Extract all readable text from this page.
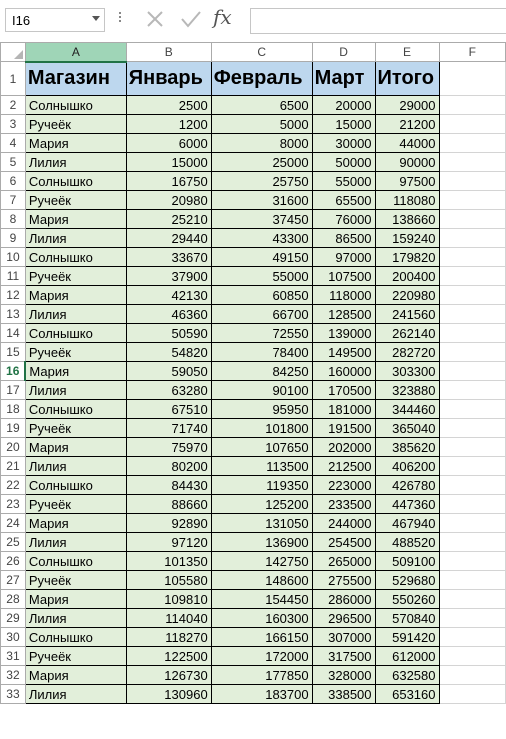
I16	fx
	A	B	C	D	E	F
1	Магазин	Январь	Февраль	Март	Итого	
2	Солнышко	2500	6500	20000	29000	
3	Ручеёк	1200	5000	15000	21200	
4	Мария	6000	8000	30000	44000	
5	Лилия	15000	25000	50000	90000	
6	Солнышко	16750	25750	55000	97500	
7	Ручеёк	20980	31600	65500	118080	
8	Мария	25210	37450	76000	138660	
9	Лилия	29440	43300	86500	159240	
10	Солнышко	33670	49150	97000	179820	
11	Ручеёк	37900	55000	107500	200400	
12	Мария	42130	60850	118000	220980	
13	Лилия	46360	66700	128500	241560	
14	Солнышко	50590	72550	139000	262140	
15	Ручеёк	54820	78400	149500	282720	
16	Мария	59050	84250	160000	303300	
17	Лилия	63280	90100	170500	323880	
18	Солнышко	67510	95950	181000	344460	
19	Ручеёк	71740	101800	191500	365040	
20	Мария	75970	107650	202000	385620	
21	Лилия	80200	113500	212500	406200	
22	Солнышко	84430	119350	223000	426780	
23	Ручеёк	88660	125200	233500	447360	
24	Мария	92890	131050	244000	467940	
25	Лилия	97120	136900	254500	488520	
26	Солнышко	101350	142750	265000	509100	
27	Ручеёк	105580	148600	275500	529680	
28	Мария	109810	154450	286000	550260	
29	Лилия	114040	160300	296500	570840	
30	Солнышко	118270	166150	307000	591420	
31	Ручеёк	122500	172000	317500	612000	
32	Мария	126730	177850	328000	632580	
33	Лилия	130960	183700	338500	653160	
